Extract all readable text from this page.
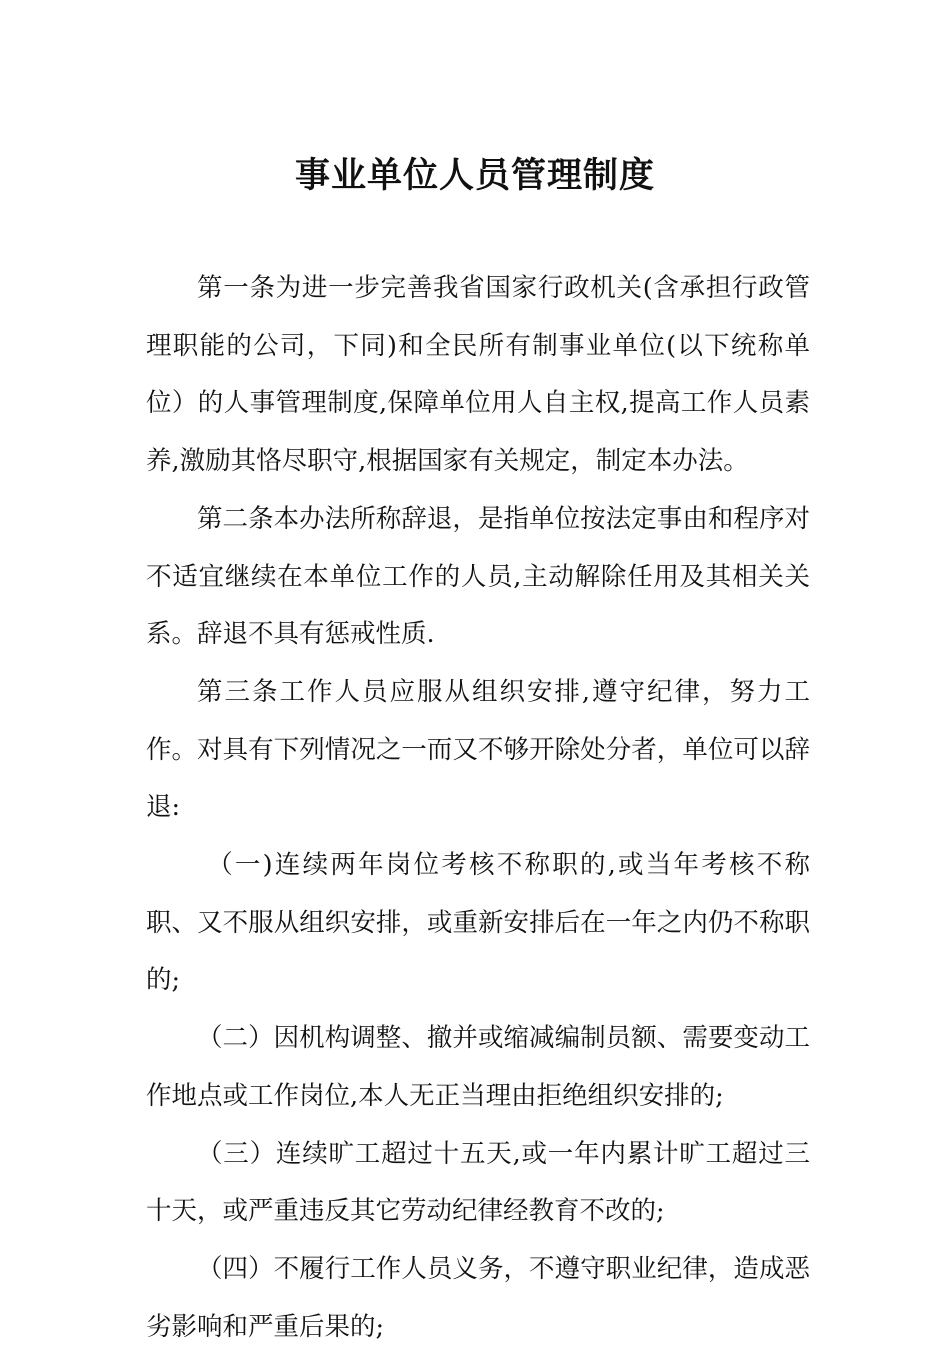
事业单位人员管理制度

第一条为进一步完善我省国家行政机关(含承担行政管理职能的公司，下同)和全民所有制事业单位(以下统称单位）的人事管理制度,保障单位用人自主权,提高工作人员素养,激励其恪尽职守,根据国家有关规定，制定本办法。

第二条本办法所称辞退，是指单位按法定事由和程序对不适宜继续在本单位工作的人员,主动解除任用及其相关关系。辞退不具有惩戒性质.

第三条工作人员应服从组织安排,遵守纪律，努力工作。对具有下列情况之一而又不够开除处分者，单位可以辞退:

（一)连续两年岗位考核不称职的,或当年考核不称职、又不服从组织安排，或重新安排后在一年之内仍不称职的;

（二）因机构调整、撤并或缩减编制员额、需要变动工作地点或工作岗位,本人无正当理由拒绝组织安排的;

（三）连续旷工超过十五天,或一年内累计旷工超过三十天，或严重违反其它劳动纪律经教育不改的;

（四）不履行工作人员义务，不遵守职业纪律，造成恶劣影响和严重后果的;
